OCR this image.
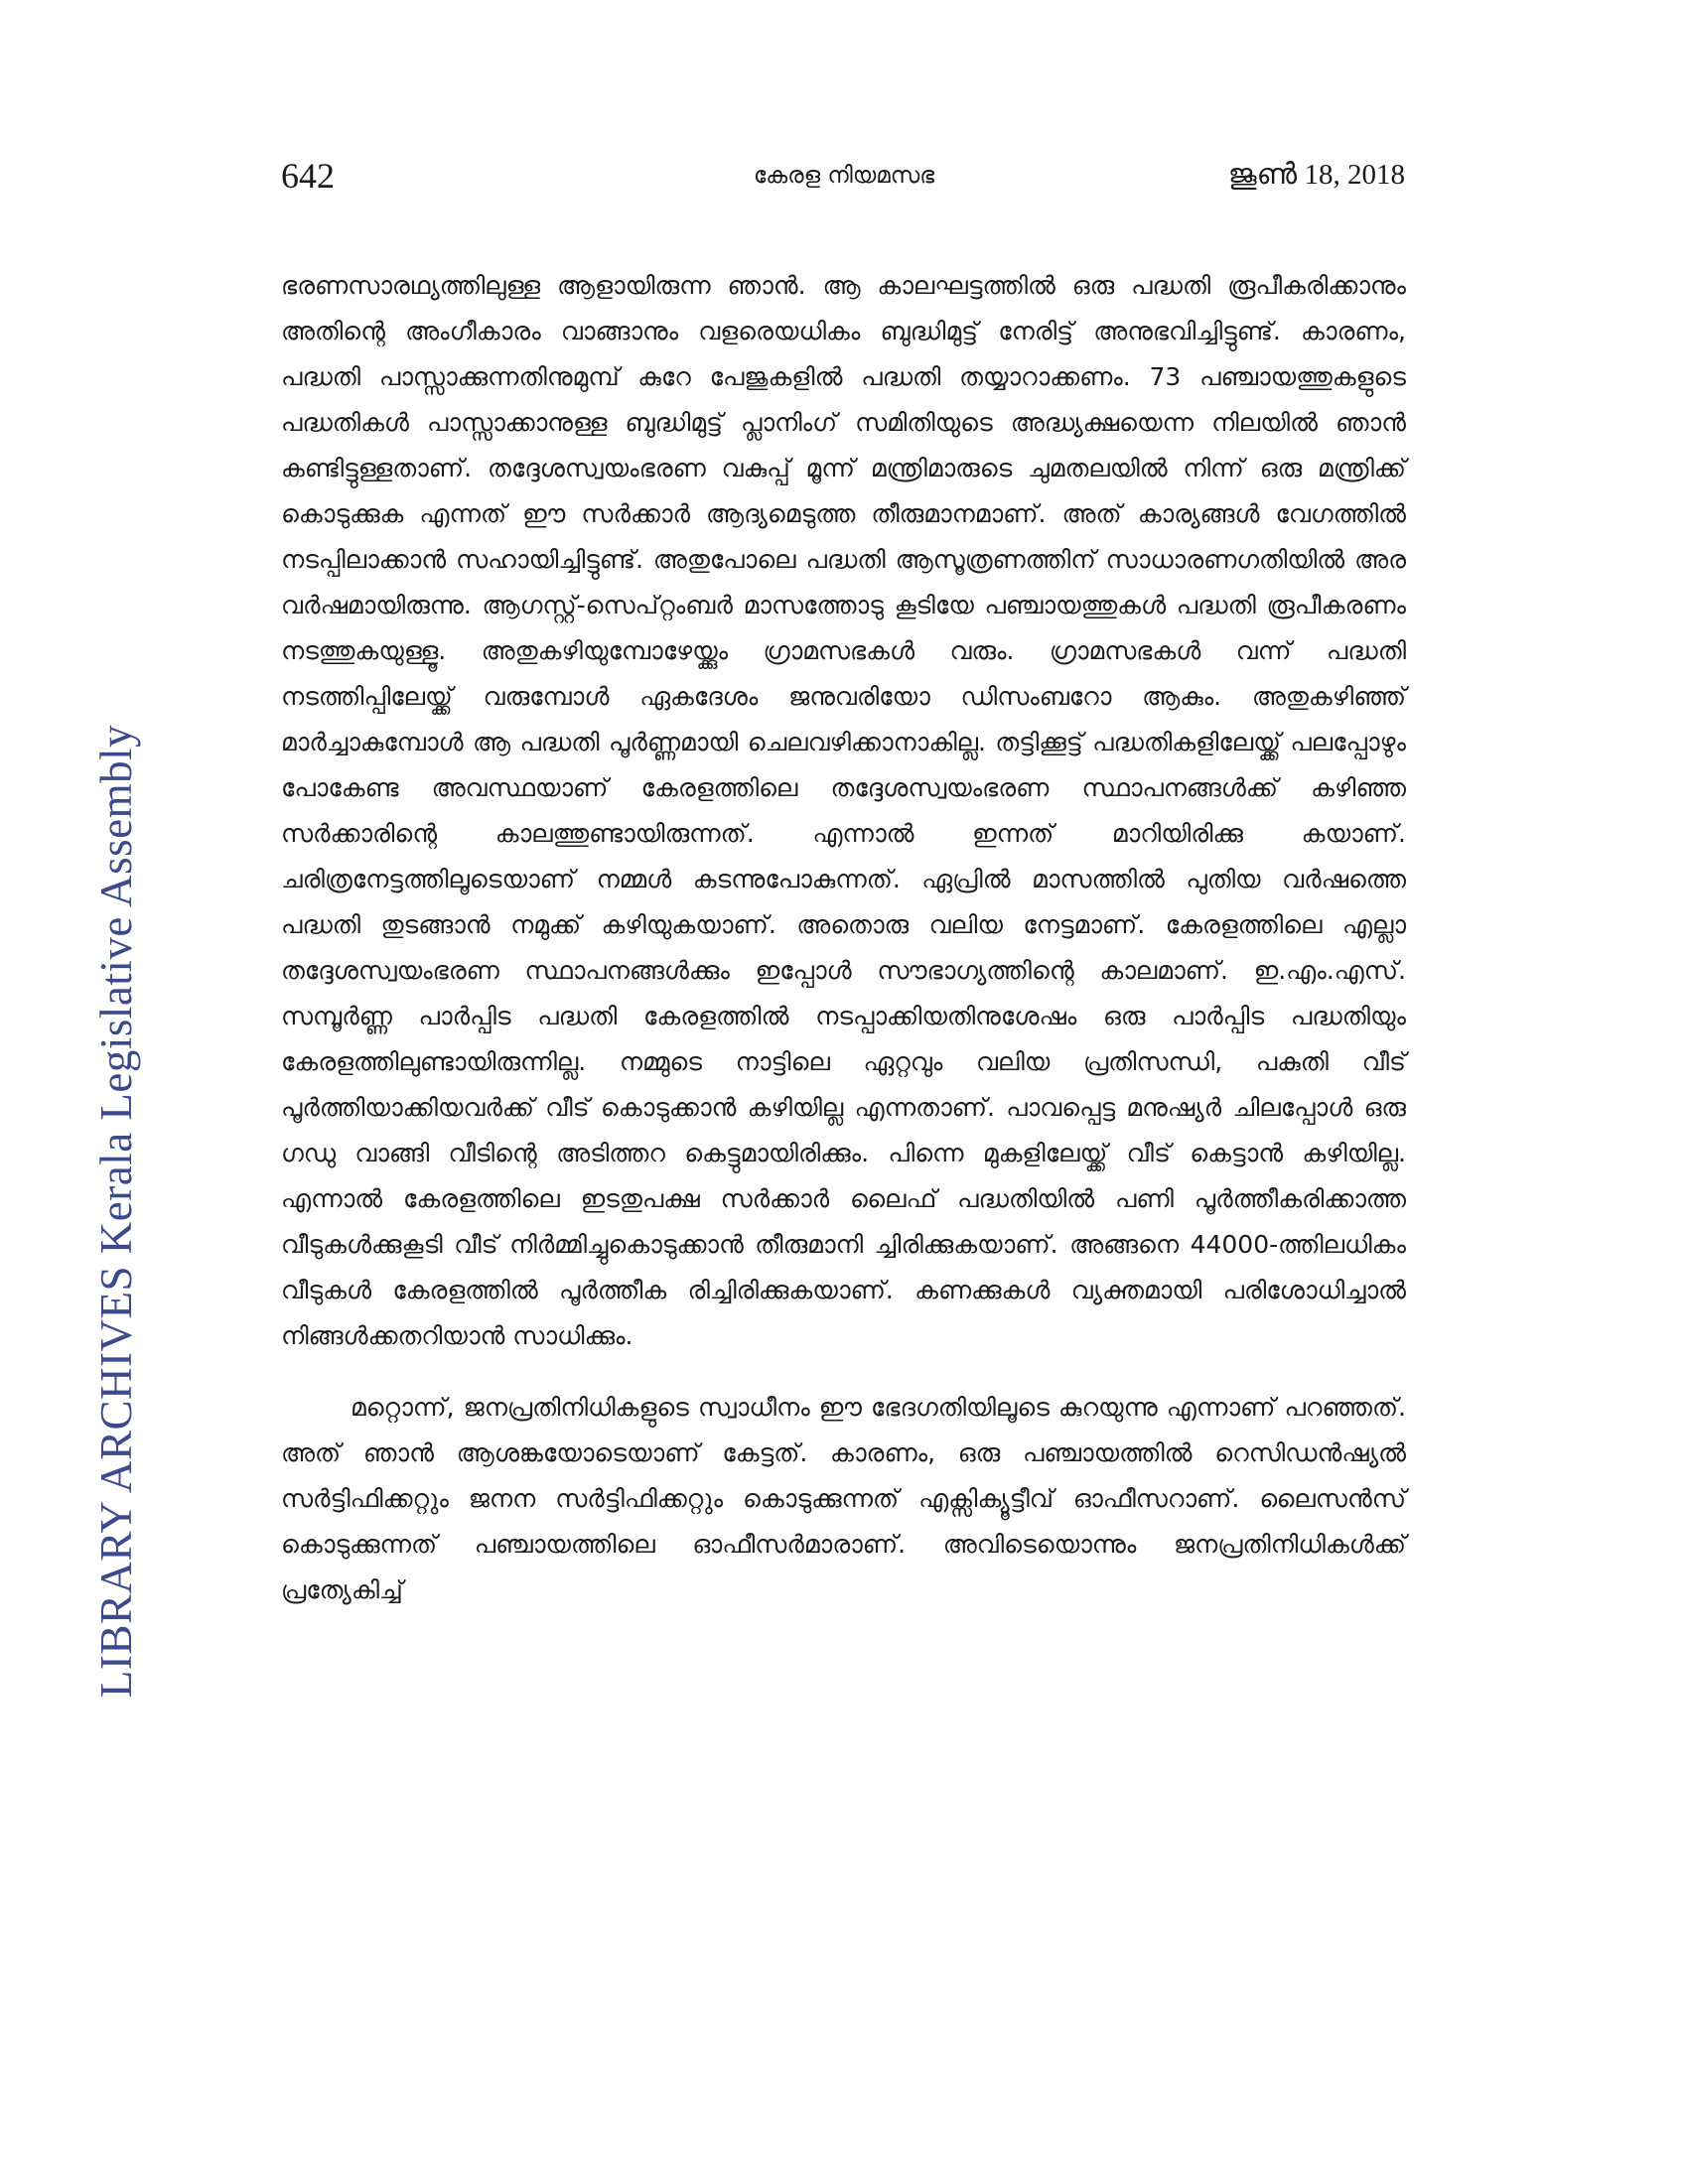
642	കേരള നിയമസഭ	ജൂൺ 18, 2018
LIBRARY ARCHIVES Kerala Legislative Assembly

ഭരണസാരഥ്യത്തിലുള്ള ആളായിരുന്ന ഞാൻ. ആ കാലഘട്ടത്തിൽ ഒരു പദ്ധതി രൂപീകരിക്കാനും അതിന്റെ അംഗീകാരം വാങ്ങാനും വളരെയധികം ബുദ്ധിമുട്ട് നേരിട്ട് അനുഭവിച്ചിട്ടുണ്ട്. കാരണം, പദ്ധതി പാസ്സാക്കുന്നതിനുമുമ്പ് കുറേ പേജുകളിൽ പദ്ധതി തയ്യാറാക്കണം. 73 പഞ്ചായത്തുകളുടെ പദ്ധതികൾ പാസ്സാക്കാനുള്ള ബുദ്ധിമുട്ട് പ്ലാനിംഗ് സമിതിയുടെ അദ്ധ്യക്ഷയെന്ന നിലയിൽ ഞാൻ കണ്ടിട്ടുള്ളതാണ്. തദ്ദേശസ്വയംഭരണ വകുപ്പ് മൂന്ന് മന്ത്രിമാരുടെ ചുമതലയിൽ നിന്ന് ഒരു മന്ത്രിക്ക് കൊടുക്കുക എന്നത് ഈ സർക്കാർ ആദ്യമെടുത്ത തീരുമാനമാണ്. അത് കാര്യങ്ങൾ വേഗത്തിൽ നടപ്പിലാക്കാൻ സഹായിച്ചിട്ടുണ്ട്. അതുപോലെ പദ്ധതി ആസൂത്രണത്തിന് സാധാരണഗതിയിൽ അര വർഷമായിരുന്നു. ആഗസ്റ്റ്-സെപ്റ്റംബർ മാസത്തോടു കൂടിയേ പഞ്ചായത്തുകൾ പദ്ധതി രൂപീകരണം നടത്തുകയുള്ളൂ. അതുകഴിയുമ്പോഴേയ്ക്കും ഗ്രാമസഭകൾ വരും. ഗ്രാമസഭകൾ വന്ന് പദ്ധതി നടത്തിപ്പിലേയ്ക്ക് വരുമ്പോൾ ഏകദേശം ജനുവരിയോ ഡിസംബറോ ആകും. അതുകഴിഞ്ഞ് മാർച്ചാകുമ്പോൾ ആ പദ്ധതി പൂർണ്ണമായി ചെലവഴിക്കാനാകില്ല. തട്ടിക്കൂട്ട് പദ്ധതികളിലേയ്ക്ക് പലപ്പോഴും പോകേണ്ട അവസ്ഥയാണ് കേരളത്തിലെ തദ്ദേശസ്വയംഭരണ സ്ഥാപനങ്ങൾക്ക് കഴിഞ്ഞ സർക്കാരിന്റെ കാലത്തുണ്ടായിരുന്നത്. എന്നാൽ ഇന്നത് മാറിയിരിക്കു കയാണ്. ചരിത്രനേട്ടത്തിലൂടെയാണ് നമ്മൾ കടന്നുപോകുന്നത്. ഏപ്രിൽ മാസത്തിൽ പുതിയ വർഷത്തെ പദ്ധതി തുടങ്ങാൻ നമുക്ക് കഴിയുകയാണ്. അതൊരു വലിയ നേട്ടമാണ്. കേരളത്തിലെ എല്ലാ തദ്ദേശസ്വയംഭരണ സ്ഥാപനങ്ങൾക്കും ഇപ്പോൾ സൗഭാഗ്യത്തിന്റെ കാലമാണ്. ഇ.എം.എസ്. സമ്പൂർണ്ണ പാർപ്പിട പദ്ധതി കേരളത്തിൽ നടപ്പാക്കിയതിനുശേഷം ഒരു പാർപ്പിട പദ്ധതിയും കേരളത്തിലുണ്ടായിരുന്നില്ല. നമ്മുടെ നാട്ടിലെ ഏറ്റവും വലിയ പ്രതിസന്ധി, പകുതി വീട് പൂർത്തിയാക്കിയവർക്ക് വീട് കൊടുക്കാൻ കഴിയില്ല എന്നതാണ്. പാവപ്പെട്ട മനുഷ്യർ ചിലപ്പോൾ ഒരു ഗഡു വാങ്ങി വീടിന്റെ അടിത്തറ കെട്ടുമായിരിക്കും. പിന്നെ മുകളിലേയ്ക്ക് വീട് കെട്ടാൻ കഴിയില്ല. എന്നാൽ കേരളത്തിലെ ഇടതുപക്ഷ സർക്കാർ ലൈഫ് പദ്ധതിയിൽ പണി പൂർത്തീകരിക്കാത്ത വീടുകൾക്കുകൂടി വീട് നിർമ്മിച്ചുകൊടുക്കാൻ തീരുമാനി ച്ചിരിക്കുകയാണ്. അങ്ങനെ 44000-ത്തിലധികം വീടുകൾ കേരളത്തിൽ പൂർത്തീക രിച്ചിരിക്കുകയാണ്. കണക്കുകൾ വ്യക്തമായി പരിശോധിച്ചാൽ നിങ്ങൾക്കതറിയാൻ സാധിക്കും.

മറ്റൊന്ന്, ജനപ്രതിനിധികളുടെ സ്വാധീനം ഈ ഭേദഗതിയിലൂടെ കുറയുന്നു എന്നാണ് പറഞ്ഞത്. അത് ഞാൻ ആശങ്കയോടെയാണ് കേട്ടത്. കാരണം, ഒരു പഞ്ചായത്തിൽ റെസിഡൻഷ്യൽ സർട്ടിഫിക്കറ്റും ജനന സർട്ടിഫിക്കറ്റും കൊടുക്കുന്നത് എക്സിക്യൂട്ടീവ് ഓഫീസറാണ്. ലൈസൻസ് കൊടുക്കുന്നത് പഞ്ചായത്തിലെ ഓഫീസർമാരാണ്. അവിടെയൊന്നും ജനപ്രതിനിധികൾക്ക് പ്രത്യേകിച്ച്
